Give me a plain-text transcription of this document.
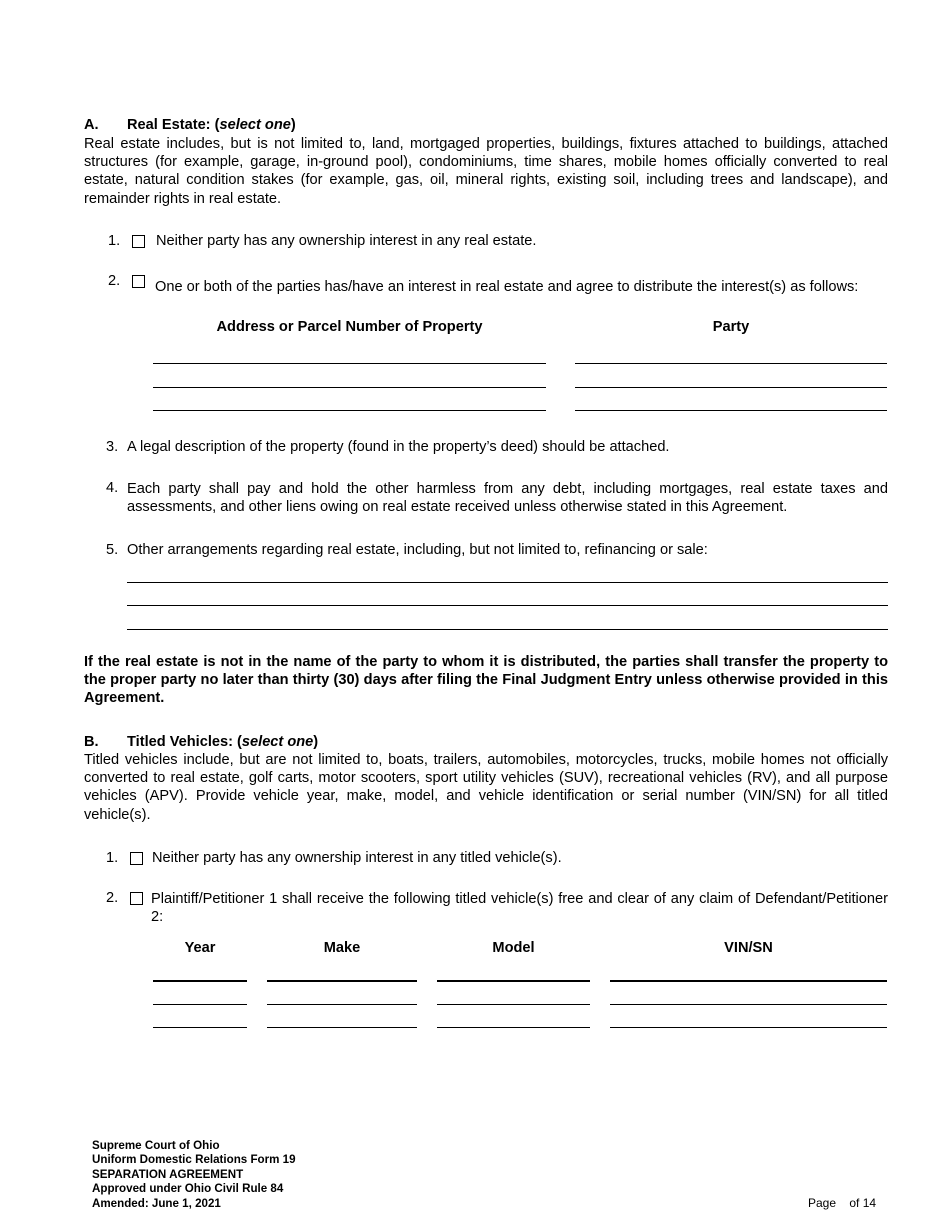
A. Real Estate: (select one)
Real estate includes, but is not limited to, land, mortgaged properties, buildings, fixtures attached to buildings, attached structures (for example, garage, in-ground pool), condominiums, time shares, mobile homes officially converted to real estate, natural condition stakes (for example, gas, oil, mineral rights, existing soil, including trees and landscape), and remainder rights in real estate.
1. Neither party has any ownership interest in any real estate.
2. One or both of the parties has/have an interest in real estate and agree to distribute the interest(s) as follows:
Address or Parcel Number of Property	Party
3. A legal description of the property (found in the property’s deed) should be attached.
4. Each party shall pay and hold the other harmless from any debt, including mortgages, real estate taxes and assessments, and other liens owing on real estate received unless otherwise stated in this Agreement.
5. Other arrangements regarding real estate, including, but not limited to, refinancing or sale:
If the real estate is not in the name of the party to whom it is distributed, the parties shall transfer the property to the proper party no later than thirty (30) days after filing the Final Judgment Entry unless otherwise provided in this Agreement.
B. Titled Vehicles: (select one)
Titled vehicles include, but are not limited to, boats, trailers, automobiles, motorcycles, trucks, mobile homes not officially converted to real estate, golf carts, motor scooters, sport utility vehicles (SUV), recreational vehicles (RV), and all purpose vehicles (APV). Provide vehicle year, make, model, and vehicle identification or serial number (VIN/SN) for all titled vehicle(s).
1. Neither party has any ownership interest in any titled vehicle(s).
2. Plaintiff/Petitioner 1 shall receive the following titled vehicle(s) free and clear of any claim of Defendant/Petitioner 2:
Year	Make	Model	VIN/SN
Supreme Court of Ohio
Uniform Domestic Relations Form 19
SEPARATION AGREEMENT
Approved under Ohio Civil Rule 84
Amended: June 1, 2021	Page    of 14
